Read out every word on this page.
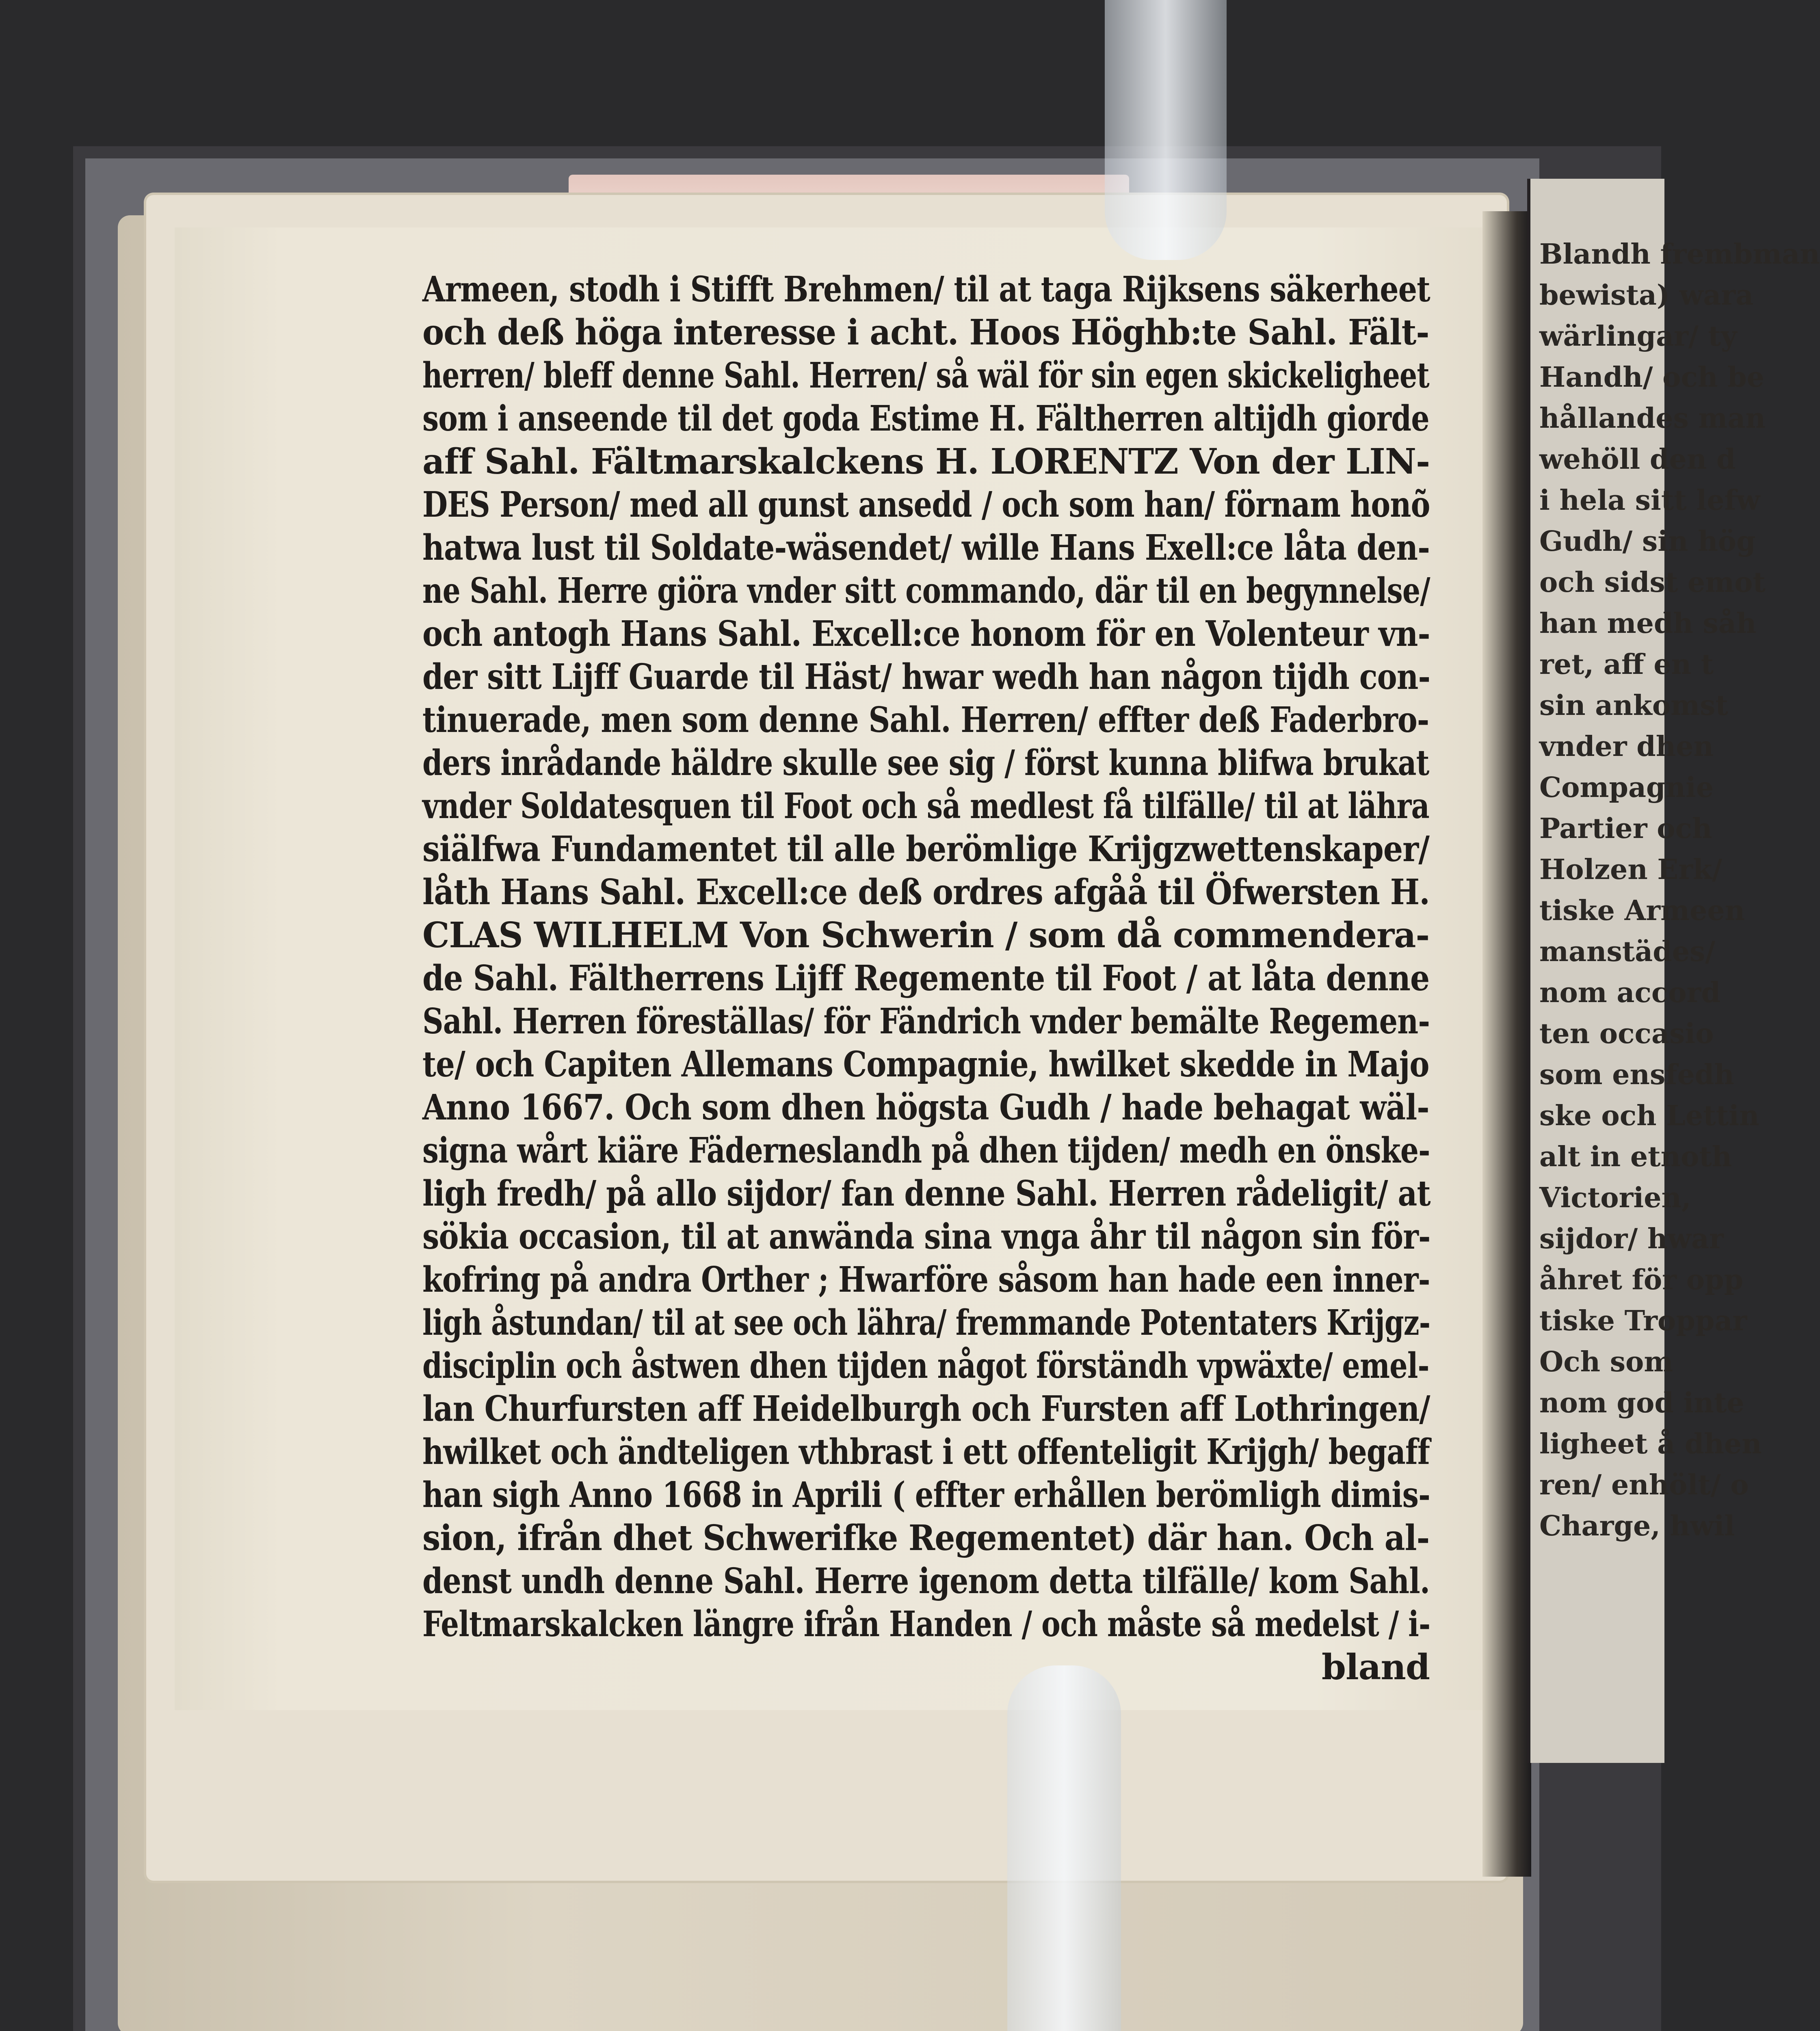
Blandh frembman
bewista) wara
wärlingar/ ty
Handh/ och be
hållandes man
wehöll den d
i hela sitt lefw
Gudh/ sin hög
och sidst emot
han medh såh
ret, aff en t
sin ankomst
vnder dhen
Compagnie
Partier och
Holzen Erk/
tiske Armeen
manstädes/
nom accord
ten occasio
som ensfedh
ske och Lettin
alt in etnoth
Victorien,
sijdor/ hwar
åhret för opp
tiske Troppar
Och som
nom god inte
ligheet å dhen
ren/ enhölt/ o
Charge, hwil
Armeen, stodh i Stifft Brehmen/ til at taga Rijksens säkerheet
och deß höga interesse i acht. Hoos Höghb:te Sahl. Fält-
herren/ bleff denne Sahl. Herren/ så wäl för sin egen skickeligheet
som i anseende til det goda Estime H. Fältherren altijdh giorde
aff Sahl. Fältmarskalckens H. LORENTZ Von der LIN-
DES Person/ med all gunst ansedd / och som han/ förnam honõ
hatwa lust til Soldate-wäsendet/ wille Hans Exell:ce låta den-
ne Sahl. Herre giöra vnder sitt commando, där til en begynnelse/
och antogh Hans Sahl. Excell:ce honom för en Volenteur vn-
der sitt Lijff Guarde til Häst/ hwar wedh han någon tijdh con-
tinuerade, men som denne Sahl. Herren/ effter deß Faderbro-
ders inrådande häldre skulle see sig / först kunna blifwa brukat
vnder Soldatesquen til Foot och så medlest få tilfälle/ til at lähra
siälfwa Fundamentet til alle berömlige Krijgzwettenskaper/
låth Hans Sahl. Excell:ce deß ordres afgåå til Öfwersten H.
CLAS WILHELM Von Schwerin / som då commendera-
de Sahl. Fältherrens Lijff Regemente til Foot / at låta denne
Sahl. Herren föreställas/ för Fändrich vnder bemälte Regemen-
te/ och Capiten Allemans Compagnie, hwilket skedde in Majo
Anno 1667. Och som dhen högsta Gudh / hade behagat wäl-
signa wårt kiäre Fäderneslandh på dhen tijden/ medh en önske-
ligh fredh/ på allo sijdor/ fan denne Sahl. Herren rådeligit/ at
sökia occasion, til at anwända sina vnga åhr til någon sin för-
kofring på andra Orther ; Hwarföre såsom han hade een inner-
ligh åstundan/ til at see och lähra/ fremmande Potentaters Krijgz-
disciplin och åstwen dhen tijden något förständh vpwäxte/ emel-
lan Churfursten aff Heidelburgh och Fursten aff Lothringen/
hwilket och ändteligen vthbrast i ett offenteligit Krijgh/ begaff
han sigh Anno 1668 in Aprili ( effter erhållen berömligh dimis-
sion, ifrån dhet Schwerifke Regementet) där han. Och al-
denst undh denne Sahl. Herre igenom detta tilfälle/ kom Sahl.
Feltmarskalcken längre ifrån Handen / och måste så medelst / i-
bland
